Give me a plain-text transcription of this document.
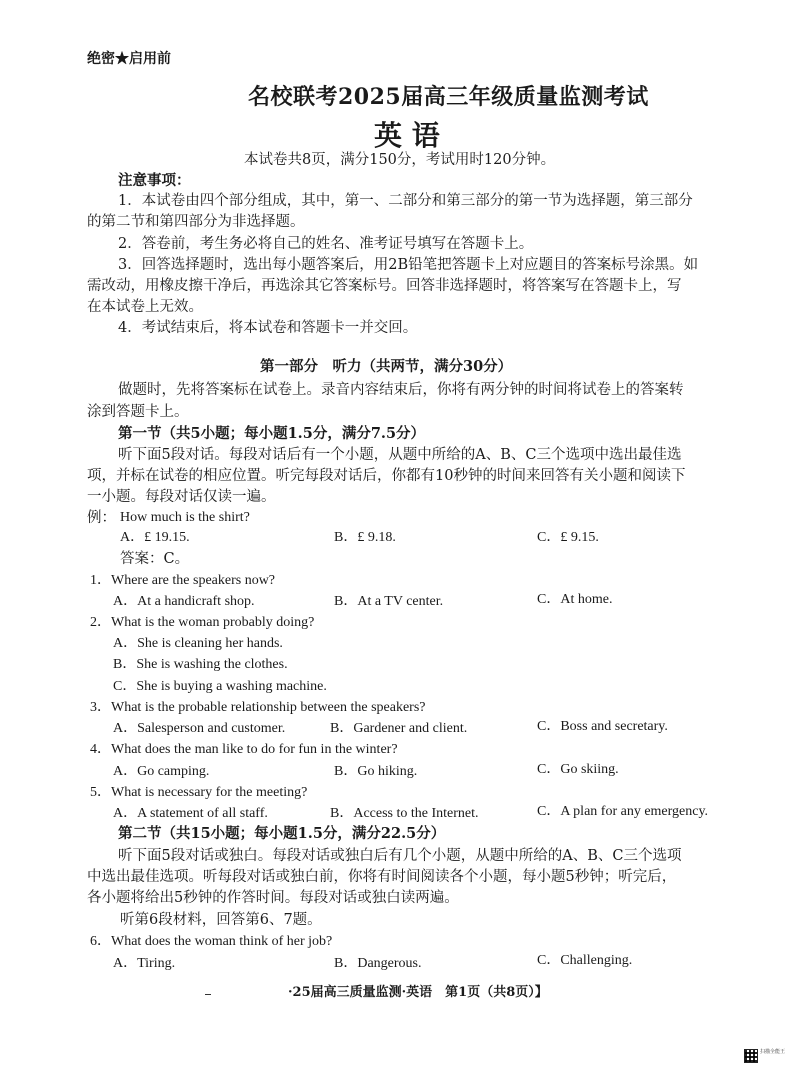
绝密★启用前
名校联考2025届高三年级质量监测考试
英 语
本试卷共8页，满分150分，考试用时120分钟。
注意事项：
1．本试卷由四个部分组成，其中，第一、二部分和第三部分的第一节为选择题，第三部分
的第二节和第四部分为非选择题。
2．答卷前，考生务必将自己的姓名、准考证号填写在答题卡上。
3．回答选择题时，选出每小题答案后，用2B铅笔把答题卡上对应题目的答案标号涂黑。如
需改动，用橡皮擦干净后，再选涂其它答案标号。回答非选择题时，将答案写在答题卡上，写
在本试卷上无效。
4．考试结束后，将本试卷和答题卡一并交回。
第一部分　听力（共两节，满分30分）
做题时，先将答案标在试卷上。录音内容结束后，你将有两分钟的时间将试卷上的答案转
涂到答题卡上。
第一节（共5小题；每小题1.5分，满分7.5分）
听下面5段对话。每段对话后有一个小题，从题中所给的A、B、C三个选项中选出最佳选
项，并标在试卷的相应位置。听完每段对话后，你都有10秒钟的时间来回答有关小题和阅读下
一小题。每段对话仅读一遍。
例： How much is the shirt?
A．£ 19.15.	B．£ 9.18.	C．£ 9.15.
答案：C。
1． Where are the speakers now?
A．At a handicraft shop.	B．At a TV center.	C．At home.
2． What is the woman probably doing?
A．She is cleaning her hands.
B．She is washing the clothes.
C．She is buying a washing machine.
3． What is the probable relationship between the speakers?
A．Salesperson and customer.	B．Gardener and client.	C．Boss and secretary.
4． What does the man like to do for fun in the winter?
A．Go camping.	B．Go hiking.	C．Go skiing.
5． What is necessary for the meeting?
A．A statement of all staff.	B．Access to the Internet.	C．A plan for any emergency.
第二节（共15小题；每小题1.5分，满分22.5分）
听下面5段对话或独白。每段对话或独白后有几个小题，从题中所给的A、B、C三个选项
中选出最佳选项。听每段对话或独白前，你将有时间阅读各个小题，每小题5秒钟；听完后，
各小题将给出5秒钟的作答时间。每段对话或独白读两遍。
听第6段材料，回答第6、7题。
6． What does the woman think of her job?
A．Tiring.	B．Dangerous.	C．Challenging.
·25届高三质量监测·英语　第1页（共8页）】
扫描全能王
